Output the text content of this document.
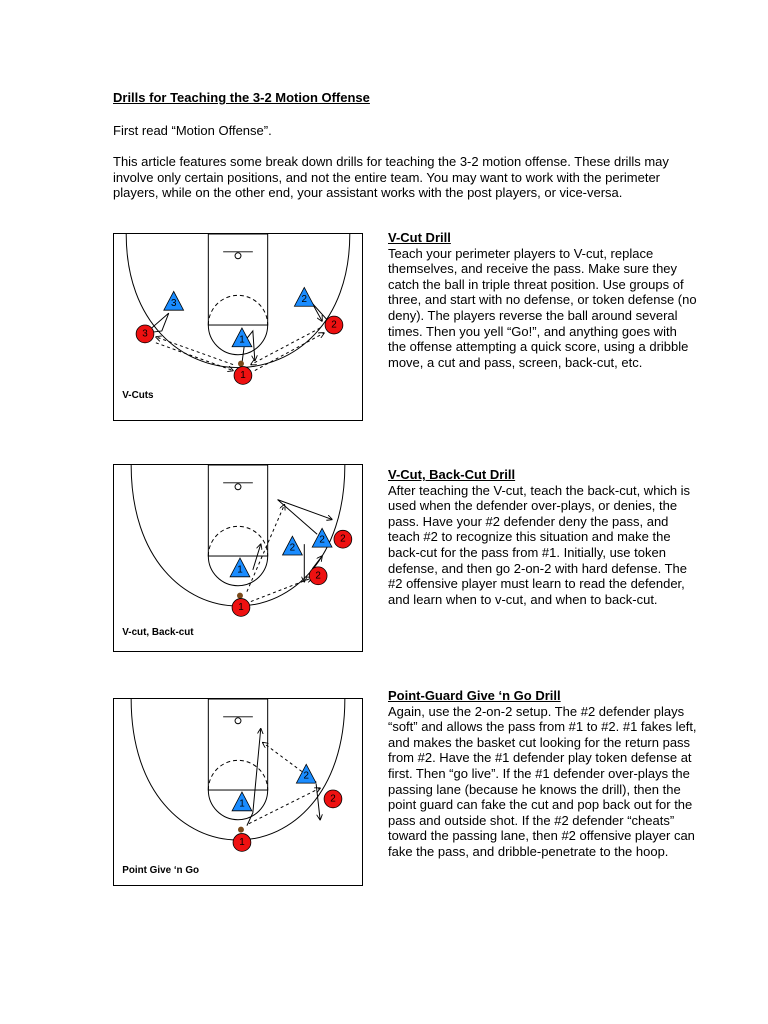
Drills for Teaching the 3-2 Motion Offense

First read “Motion Offense”.

This article features some break down drills for teaching the 3-2 motion offense. These drills may involve only certain positions, and not the entire team. You may want to work with the perimeter players, while on the other end, your assistant works with the post players, or vice-versa.

3
1
2
3
1
2
V-Cuts
V-Cut Drill
Teach your perimeter players to V-cut, replace themselves, and receive the pass. Make sure they catch the ball in triple threat position. Use groups of three, and start with no defense, or token defense (no deny). The players reverse the ball around several times. Then you yell “Go!”, and anything goes with the offense attempting a quick score, using a dribble move, a cut and pass, screen, back-cut, etc.
1
2
2
1
2
2
V-cut, Back-cut
V-Cut, Back-Cut Drill
After teaching the V-cut, teach the back-cut, which is used when the defender over-plays, or denies, the pass. Have your #2 defender deny the pass, and teach #2 to recognize this situation and make the back-cut for the pass from #1. Initially, use token defense, and then go 2-on-2 with hard defense. The #2 offensive player must learn to read the defender, and learn when to v-cut, and when to back-cut.
1
2
1
2
Point Give ‘n Go
Point-Guard Give ‘n Go Drill
Again, use the 2-on-2 setup. The #2 defender plays “soft” and allows the pass from #1 to #2. #1 fakes left, and makes the basket cut looking for the return pass from #2. Have the #1 defender play token defense at first. Then “go live”. If the #1 defender over-plays the passing lane (because he knows the drill), then the point guard can fake the cut and pop back out for the pass and outside shot. If the #2 defender “cheats” toward the passing lane, then #2 offensive player can fake the pass, and dribble-penetrate to the hoop.
